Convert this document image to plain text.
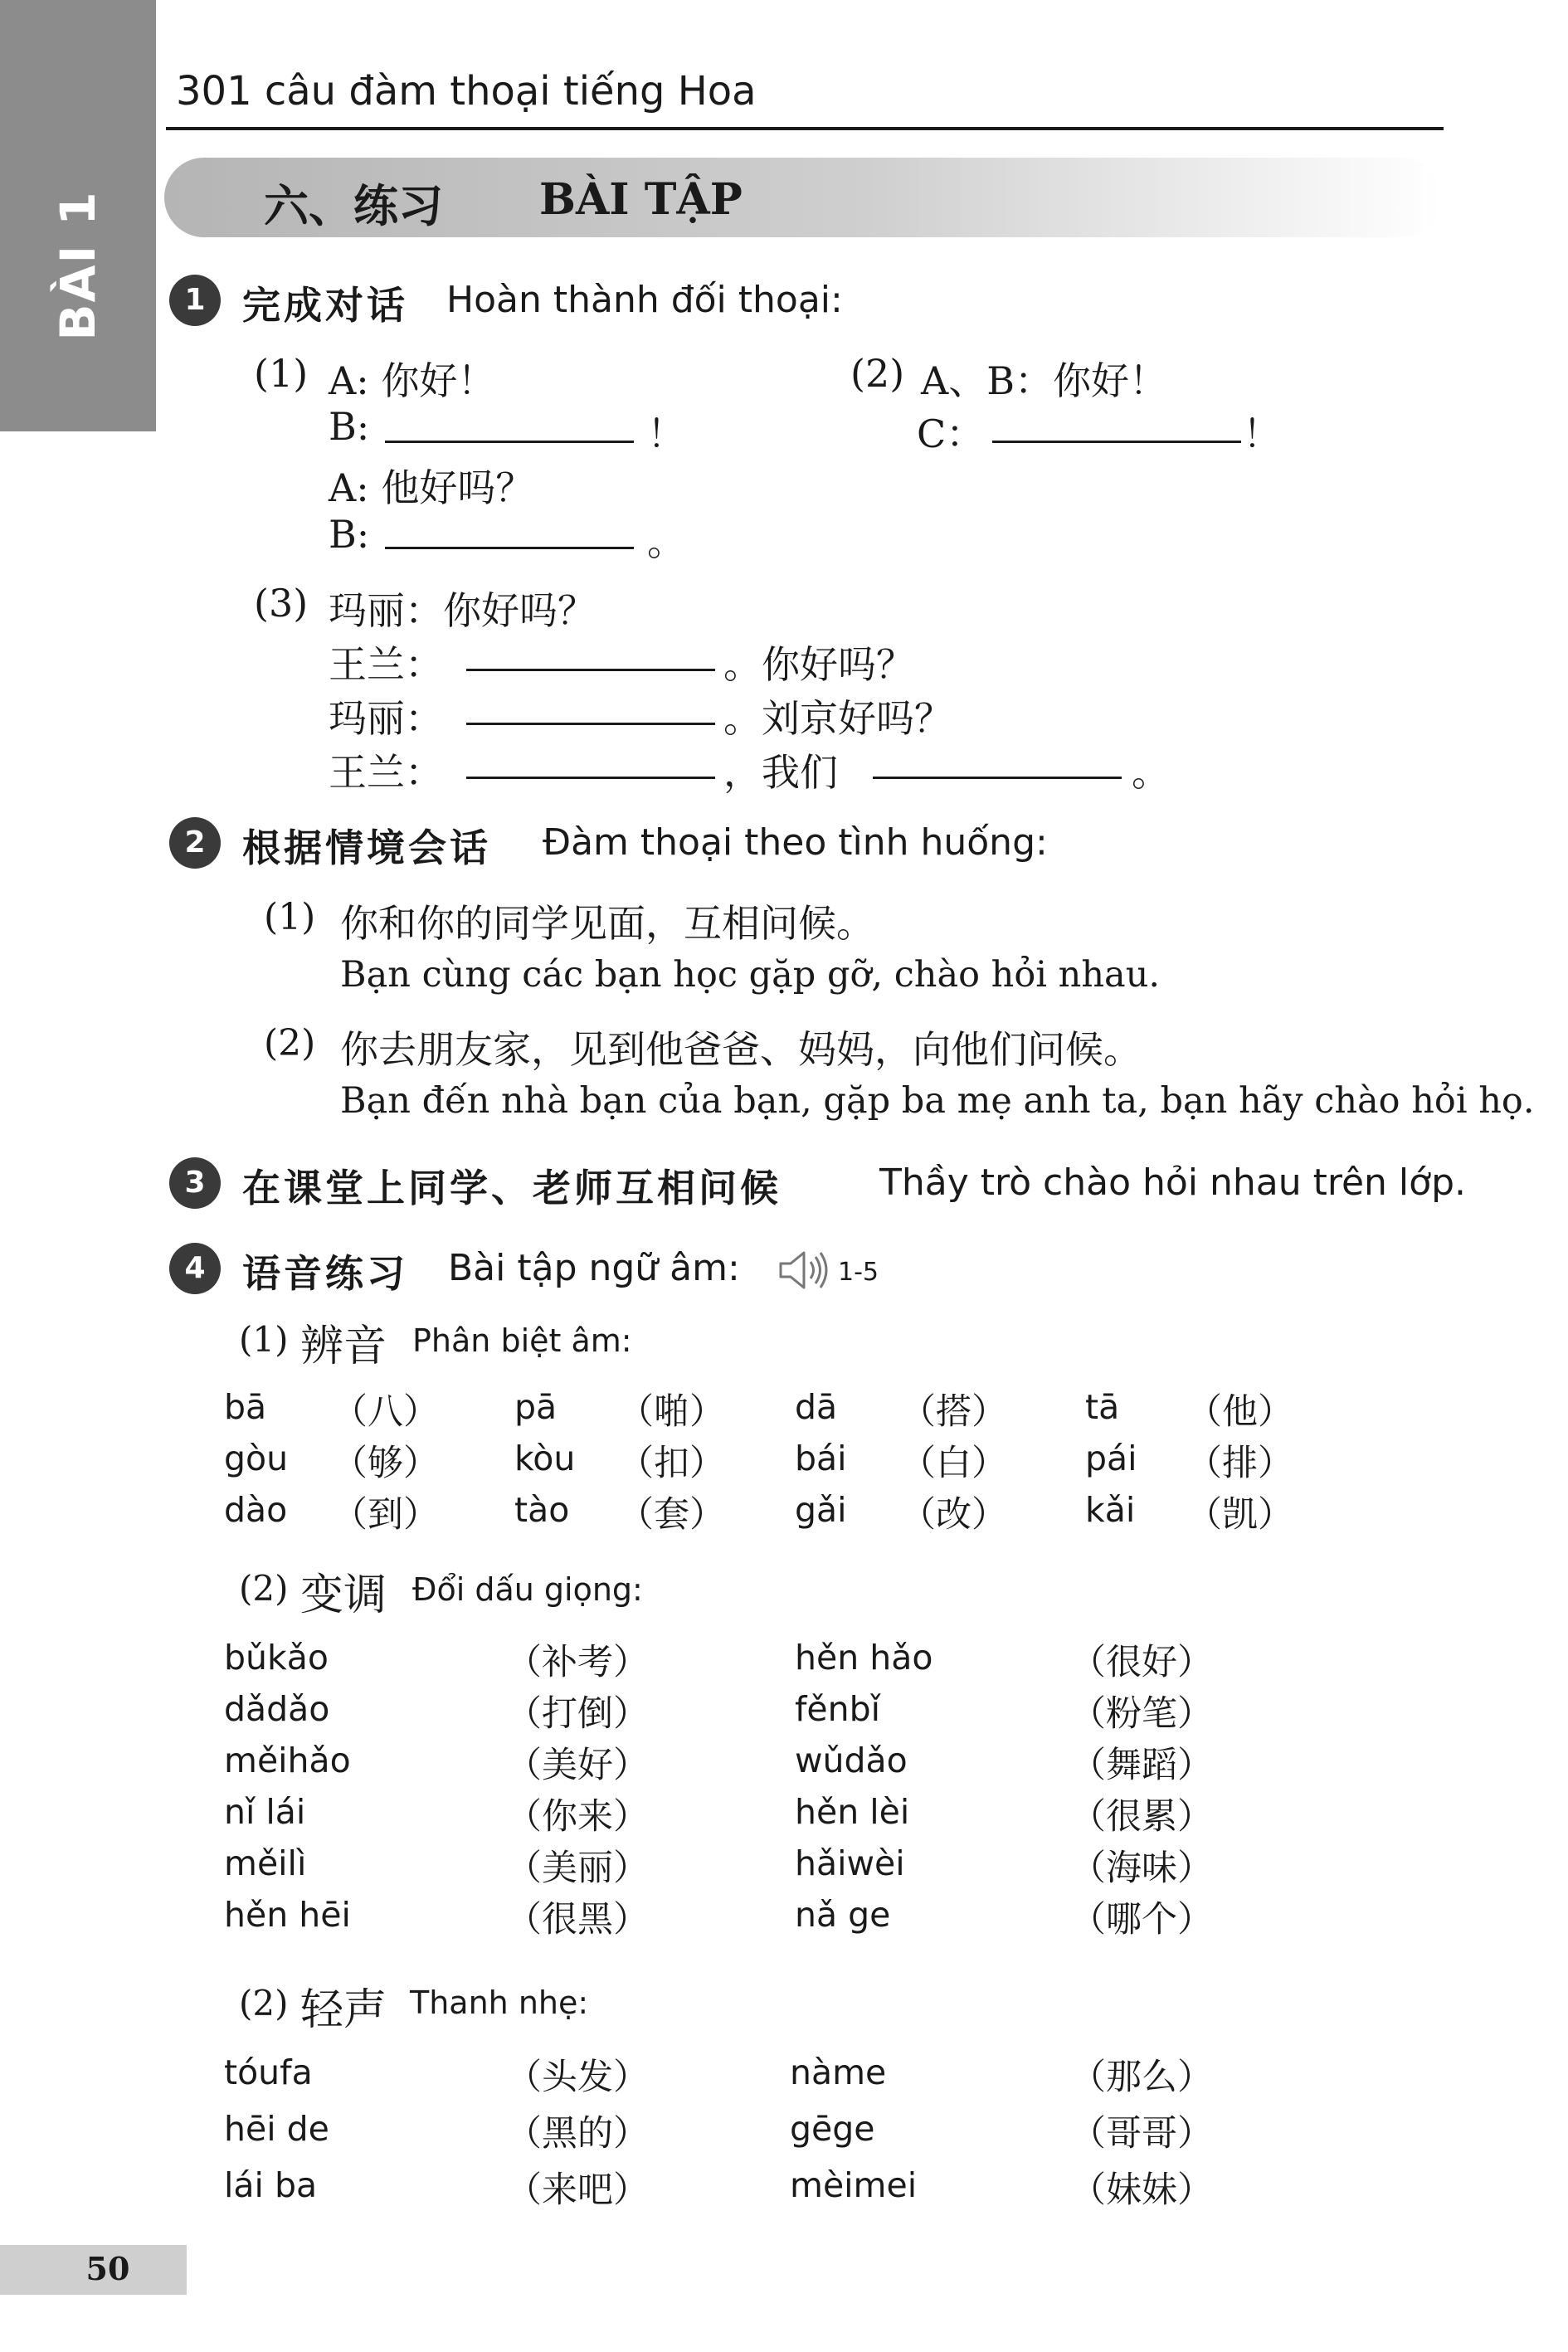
BÀI 1
301 câu đàm thoại tiếng Hoa
六、练习 BÀI TẬP
1 完成对话 Hoàn thành đối thoại:
(1) A: 你好！
B:	！
A: 他好吗？
B:	。
(2) A、B：你好！
C：	！
(3) 玛丽：你好吗？
王兰：	。你好吗？
玛丽：	。刘京好吗？
王兰：	，我们	。
2 根据情境会话 Đàm thoại theo tình huống:
(1) 你和你的同学见面，互相问候。
Bạn cùng các bạn học gặp gỡ, chào hỏi nhau.
(2) 你去朋友家，见到他爸爸、妈妈，向他们问候。
Bạn đến nhà bạn của bạn, gặp ba mẹ anh ta, bạn hãy chào hỏi họ.
3 在课堂上同学、老师互相问候	Thầy trò chào hỏi nhau trên lớp.
4 语音练习 Bài tập ngữ âm:	1-5
(1) 辨音 Phân biệt âm:
bā （八） pā （啪） dā （搭） tā （他）
gòu （够） kòu （扣） bái （白） pái （排）
dào （到） tào （套） gǎi （改） kǎi （凯）
(2) 变调 Đổi dấu giọng:
bǔkǎo	（补考）	hěn hǎo	（很好）
dǎdǎo	（打倒）	fěnbǐ	（粉笔）
měihǎo	（美好）	wǔdǎo	（舞蹈）
nǐ lái	（你来）	hěn lèi	（很累）
měilì	（美丽）	hǎiwèi	（海味）
hěn hēi	（很黑）	nǎ ge	（哪个）
(2) 轻声 Thanh nhẹ:
tóufa	（头发）	nàme	（那么）
hēi de	（黑的）	gēge	（哥哥）
lái ba	（来吧）	mèimei	（妹妹）
50
